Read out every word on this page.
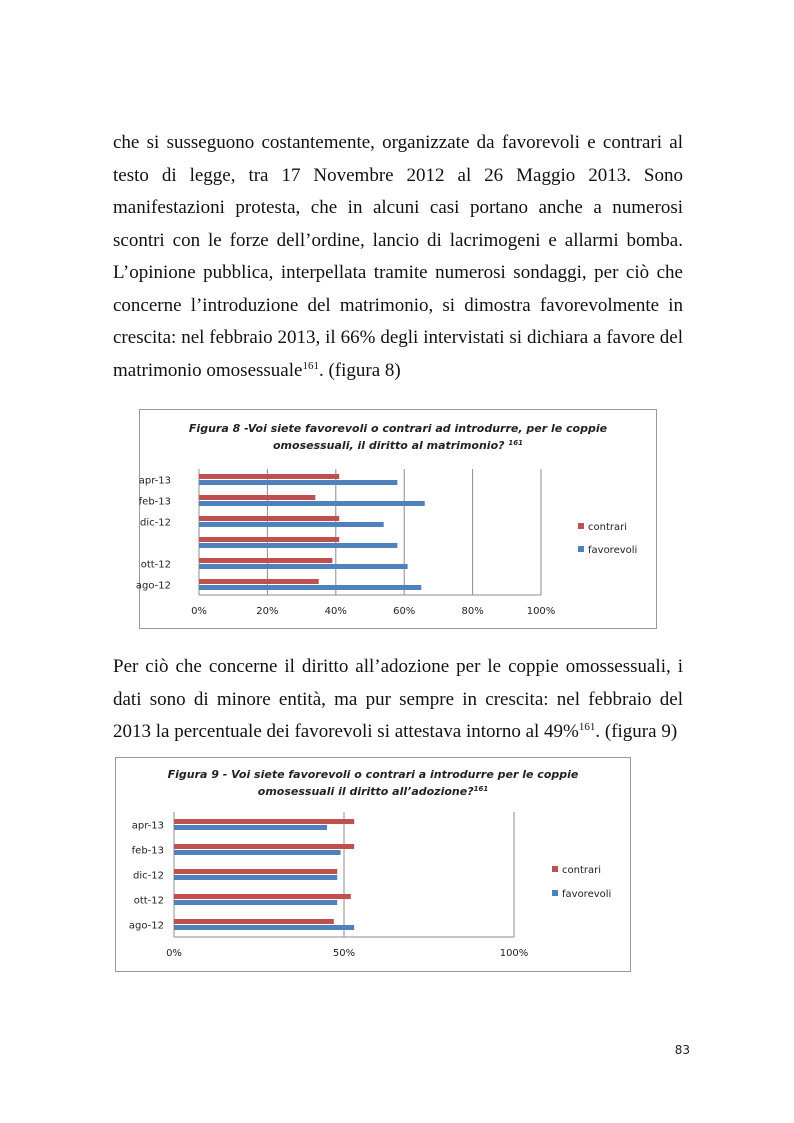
che si susseguono costantemente, organizzate da favorevoli e contrari al testo di legge, tra 17 Novembre 2012 al 26 Maggio 2013. Sono manifestazioni protesta, che in alcuni casi portano anche a numerosi scontri con le forze dell’ordine, lancio di lacrimogeni e allarmi bomba. L’opinione pubblica, interpellata tramite numerosi sondaggi, per ciò che concerne l’introduzione del matrimonio, si dimostra favorevolmente in crescita: nel febbraio 2013, il 66% degli intervistati si dichiara a favore del matrimonio omosessuale$^{161}$. (figura 8)

Figura 8 -Voi siete favorevoli o contrari ad introdurre, per le coppie
omosessuali, il diritto al matrimonio? $^{161}$
0%	20%	40%	60%	80%	100%
apr-13
feb-13
dic-12
ott-12
ago-12
contrari
favorevoli

Per ciò che concerne il diritto all’adozione per le coppie omossessuali, i dati sono di minore entità, ma pur sempre in crescita: nel febbraio del 2013 la percentuale dei favorevoli si attestava intorno al 49%$^{161}$. (figura 9)

Figura 9 - Voi siete favorevoli o contrari a introdurre per le coppie
omosessuali il diritto all’adozione?$^{161}$
0%	50%	100%
apr-13
feb-13
dic-12
ott-12
ago-12
contrari
favorevoli
83
